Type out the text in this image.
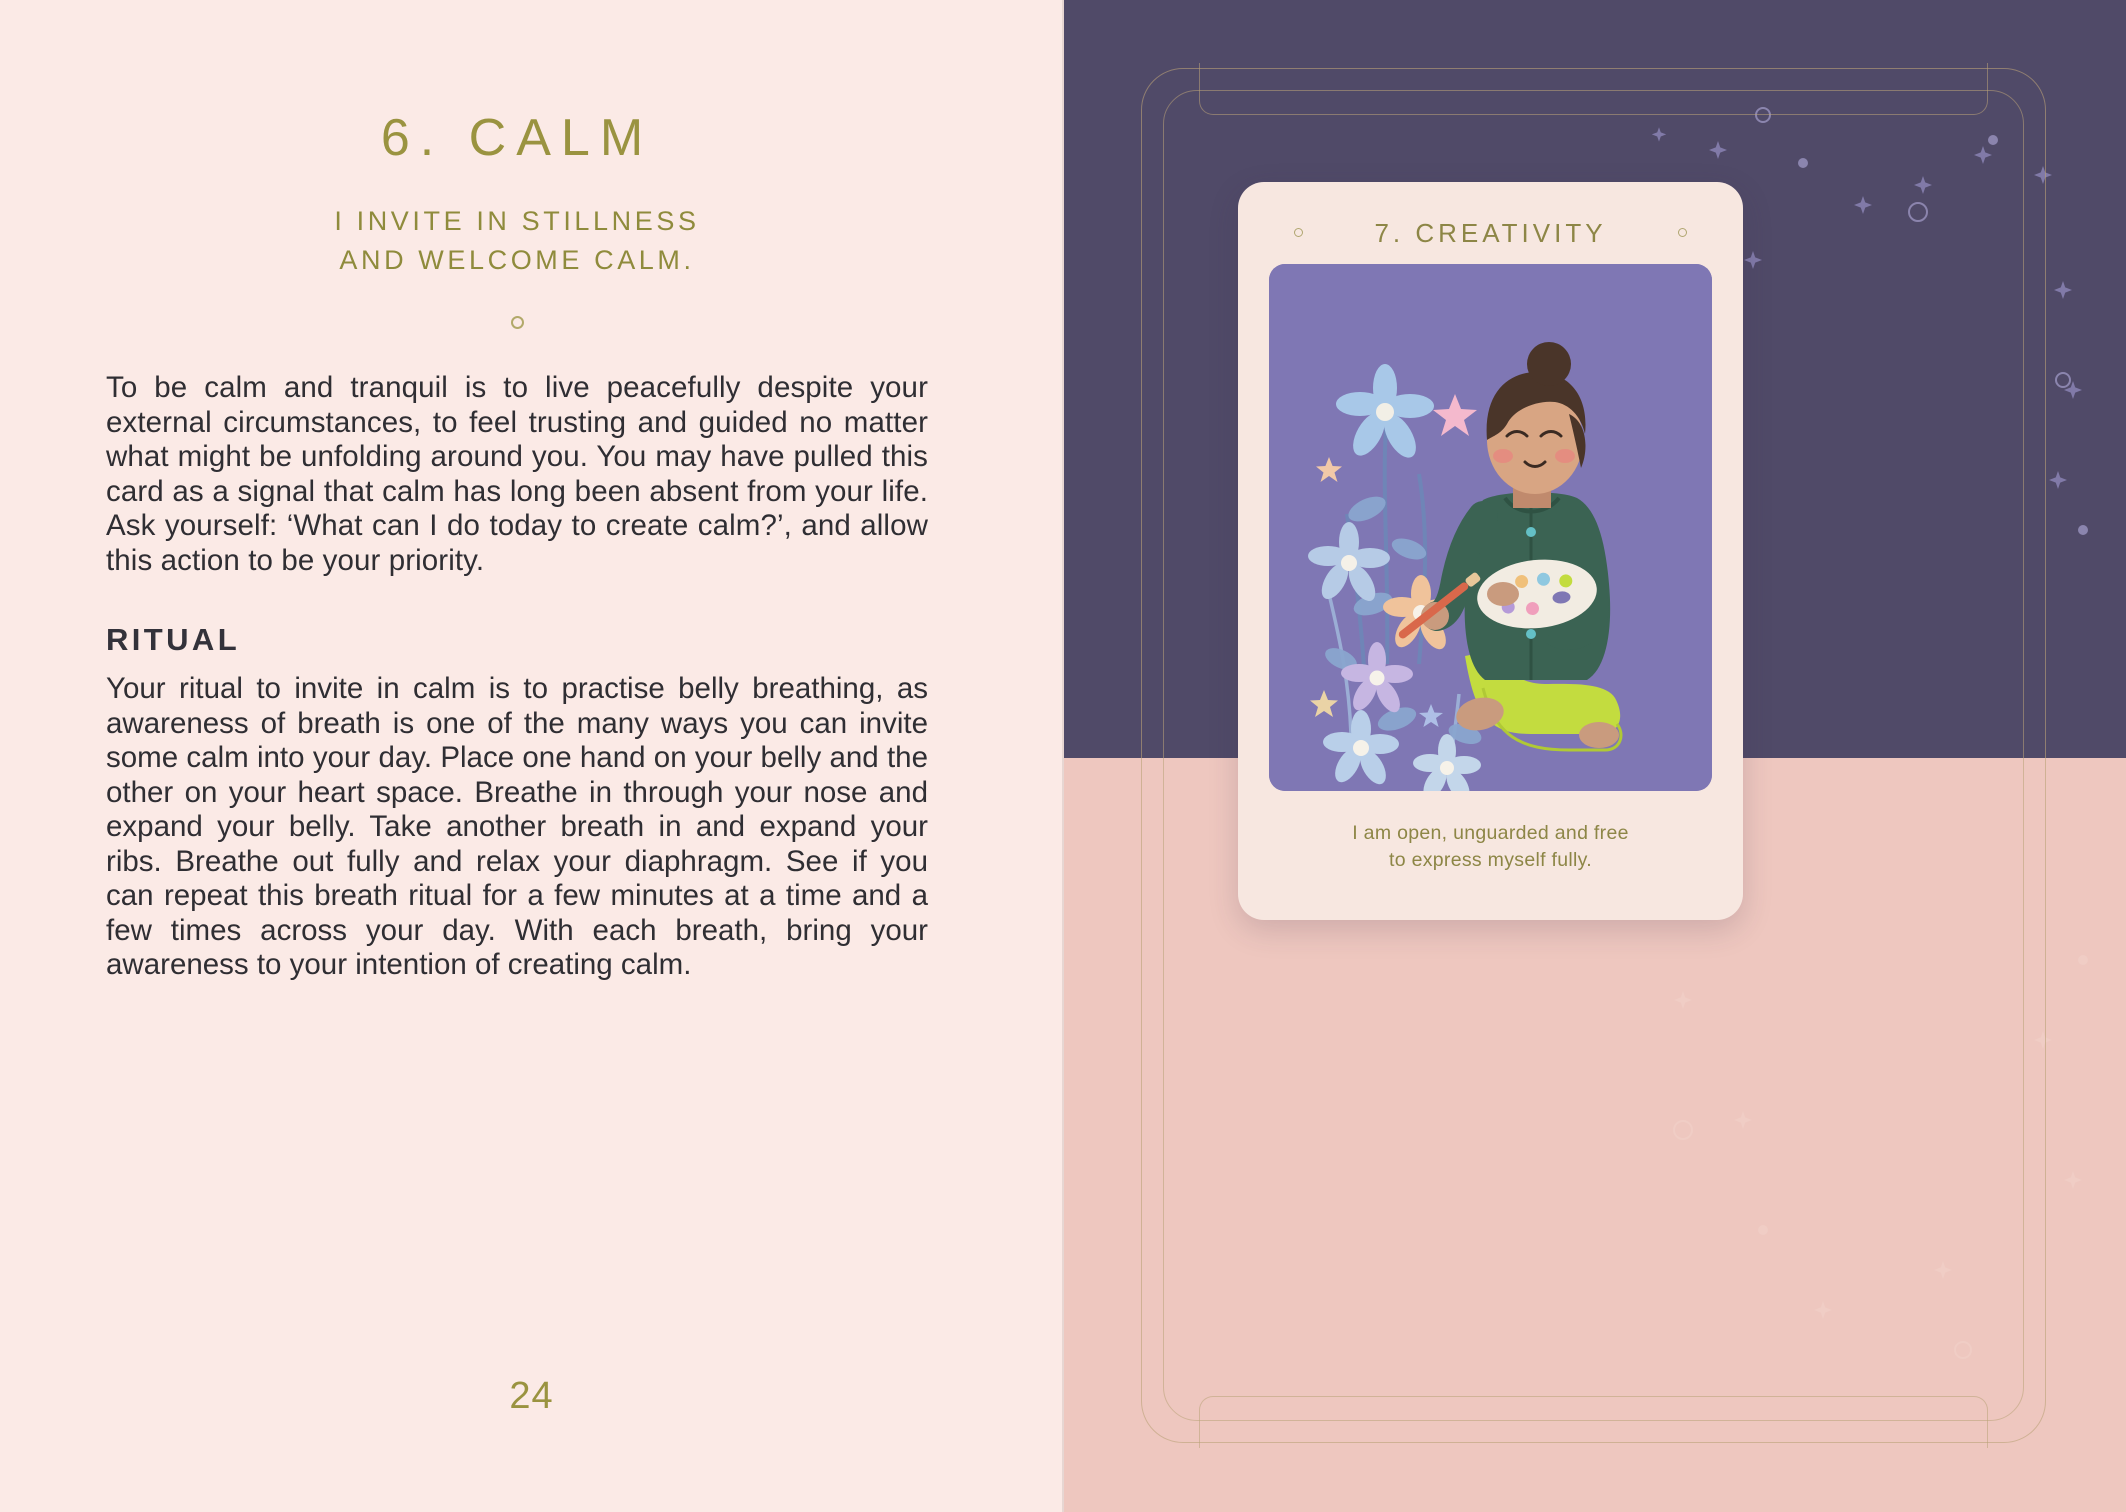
6. CALM
I INVITE IN STILLNESS
AND WELCOME CALM.

To be calm and tranquil is to live peacefully despite your external circumstances, to feel trusting and guided no matter what might be unfolding around you. You may have pulled this card as a signal that calm has long been absent from your life. Ask yourself: ‘What can I do today to create calm?’, and allow this action to be your priority.

RITUAL

Your ritual to invite in calm is to practise belly breathing, as awareness of breath is one of the many ways you can invite some calm into your day. Place one hand on your belly and the other on your heart space. Breathe in through your nose and expand your belly. Take another breath in and expand your ribs. Breathe out fully and relax your diaphragm. See if you can repeat this breath ritual for a few minutes at a time and a few times across your day. With each breath, bring your awareness to your intention of creating calm.

24
7. CREATIVITY
I am open, unguarded and free
to express myself fully.
